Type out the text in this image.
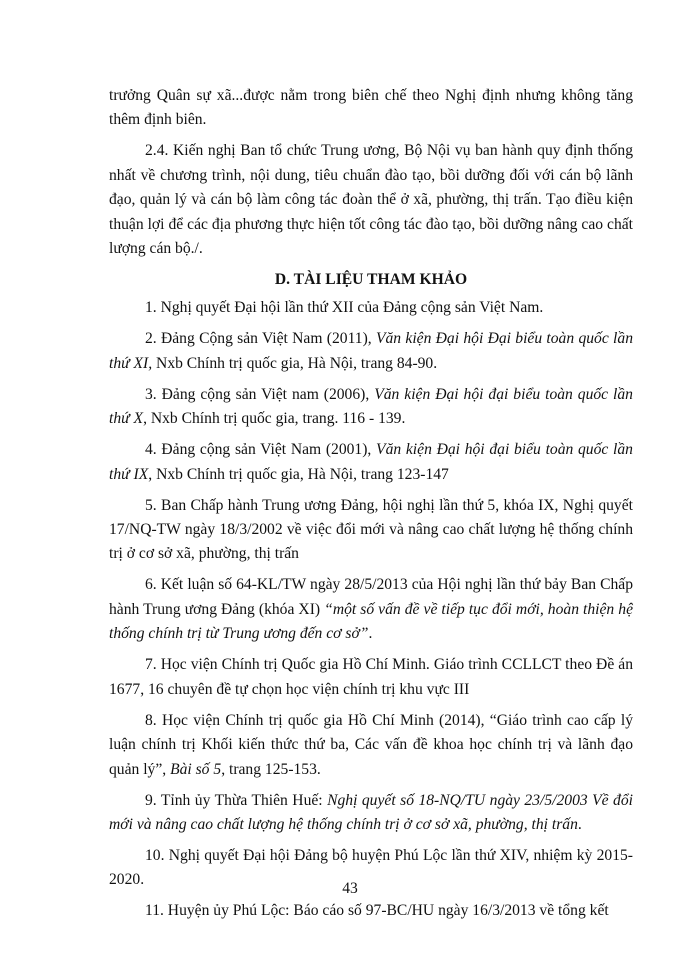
trưởng Quân sự xã...được nằm trong biên chế theo Nghị định nhưng không tăng thêm định biên.

2.4. Kiến nghị Ban tổ chức Trung ương, Bộ Nội vụ ban hành quy định thống nhất về chương trình, nội dung, tiêu chuẩn đào tạo, bồi dưỡng đối với cán bộ lãnh đạo, quản lý và cán bộ làm công tác đoàn thể ở xã, phường, thị trấn. Tạo điều kiện thuận lợi để các địa phương thực hiện tốt công tác đào tạo, bồi dưỡng nâng cao chất lượng cán bộ./.

D. TÀI LIỆU THAM KHẢO

1. Nghị quyết Đại hội lần thứ XII của Đảng cộng sản Việt Nam.

2. Đảng Cộng sản Việt Nam (2011), Văn kiện Đại hội Đại biểu toàn quốc lần thứ XI, Nxb Chính trị quốc gia, Hà Nội, trang 84-90.

3. Đảng cộng sản Việt nam (2006), Văn kiện Đại hội đại biểu toàn quốc lần thứ X, Nxb Chính trị quốc gia, trang. 116 - 139.

4. Đảng cộng sản Việt Nam (2001), Văn kiện Đại hội đại biểu toàn quốc lần thứ IX, Nxb Chính trị quốc gia, Hà Nội, trang 123-147

5. Ban Chấp hành Trung ương Đảng, hội nghị lần thứ 5, khóa IX, Nghị quyết 17/NQ-TW ngày 18/3/2002 về việc đổi mới và nâng cao chất lượng hệ thống chính trị ở cơ sở xã, phường, thị trấn

6. Kết luận số 64-KL/TW ngày 28/5/2013 của Hội nghị lần thứ bảy Ban Chấp hành Trung ương Đảng (khóa XI) “một số vấn đề về tiếp tục đổi mới, hoàn thiện hệ thống chính trị từ Trung ương đến cơ sở”.

7. Học viện Chính trị Quốc gia Hồ Chí Minh. Giáo trình CCLLCT theo Đề án 1677, 16 chuyên đề tự chọn học viện chính trị khu vực III

8. Học viện Chính trị quốc gia Hồ Chí Minh (2014), “Giáo trình cao cấp lý luận chính trị Khối kiến thức thứ ba, Các vấn đề khoa học chính trị và lãnh đạo quản lý”, Bài số 5, trang 125-153.

9. Tỉnh ủy Thừa Thiên Huế: Nghị quyết số 18-NQ/TU ngày 23/5/2003 Về đổi mới và nâng cao chất lượng hệ thống chính trị ở cơ sở xã, phường, thị trấn.

10. Nghị quyết Đại hội Đảng bộ huyện Phú Lộc lần thứ XIV, nhiệm kỳ 2015-2020.

11. Huyện ủy Phú Lộc: Báo cáo số 97-BC/HU ngày 16/3/2013 về tổng kết

43
